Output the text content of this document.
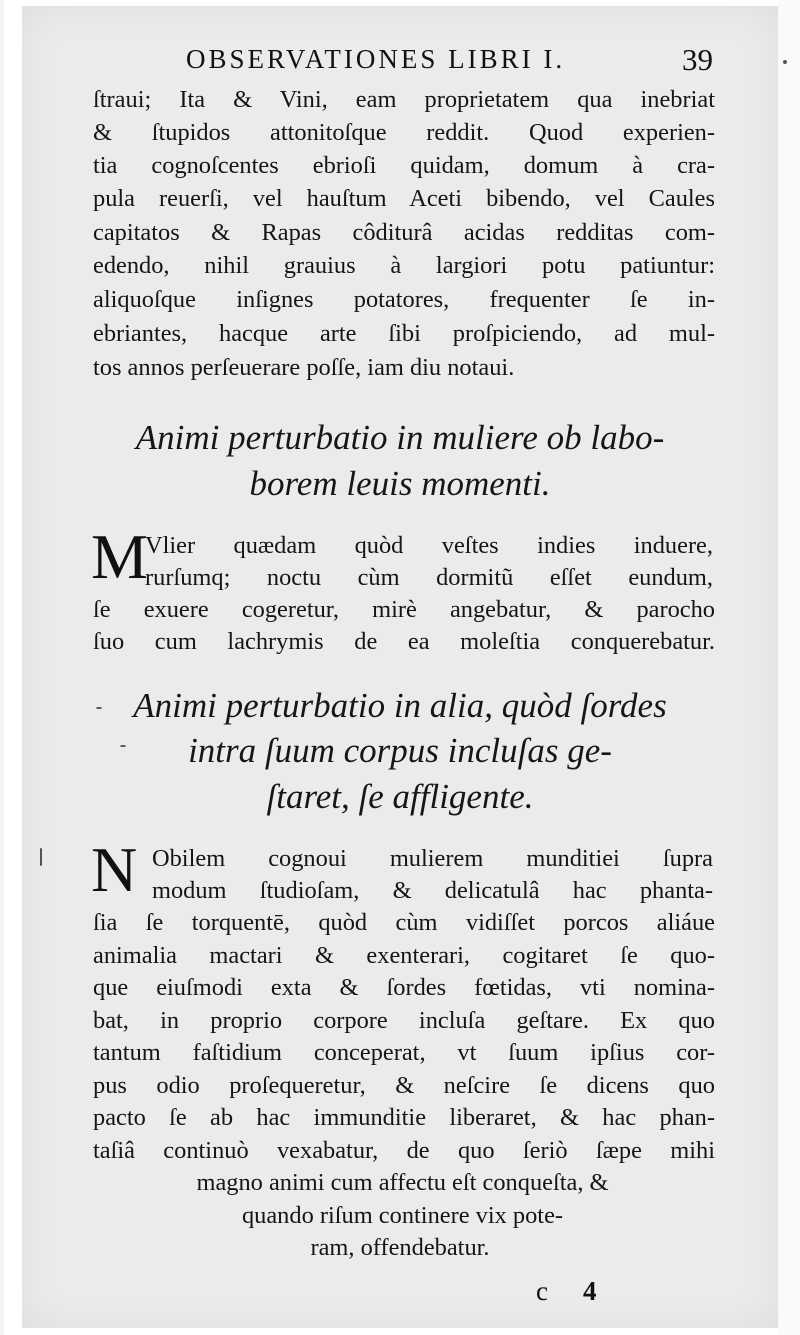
OBSERVATIONES LIBRI I.	39
ſtraui; Ita & Vini, eam proprietatem qua inebriat
& ſtupidos attonitoſque reddit. Quod experien-
tia cognoſcentes ebrioſi quidam, domum à cra-
pula reuerſi, vel hauſtum Aceti bibendo, vel Caules
capitatos & Rapas côditurâ acidas redditas com-
edendo, nihil grauius à largiori potu patiuntur:
aliquoſque inſignes potatores, frequenter ſe in-
ebriantes, hacque arte ſibi proſpiciendo, ad mul-
tos annos perſeuerare poſſe, iam diu notaui.
Animi perturbatio in muliere ob labo-
borem leuis momenti.
M
Vlier quædam quòd veſtes indies induere,
rurſumq; noctu cùm dormitũ eſſet eundum,
ſe exuere cogeretur, mirè angebatur, & parocho
ſuo cum lachrymis de ea moleſtia conquerebatur.
Animi perturbatio in alia, quòd ſordes
intra ſuum corpus incluſas ge-
ſtaret, ſe affligente.
N Obilem cognoui mulierem munditiei ſupra
modum ſtudioſam, & delicatulâ hac phanta-
ſia ſe torquentē, quòd cùm vidiſſet porcos aliáue
animalia mactari & exenterari, cogitaret ſe quo-
que eiuſmodi exta & ſordes fœtidas, vti nomina-
bat, in proprio corpore incluſa geſtare. Ex quo
tantum faſtidium conceperat, vt ſuum ipſius cor-
pus odio proſequeretur, & neſcire ſe dicens quo
pacto ſe ab hac immunditie liberaret, & hac phan-
taſiâ continuò vexabatur, de quo ſeriò ſæpe mihi
magno animi cum affectu eſt conqueſta, &
quando riſum continere vix pote-
ram, offendebatur.
c 4
